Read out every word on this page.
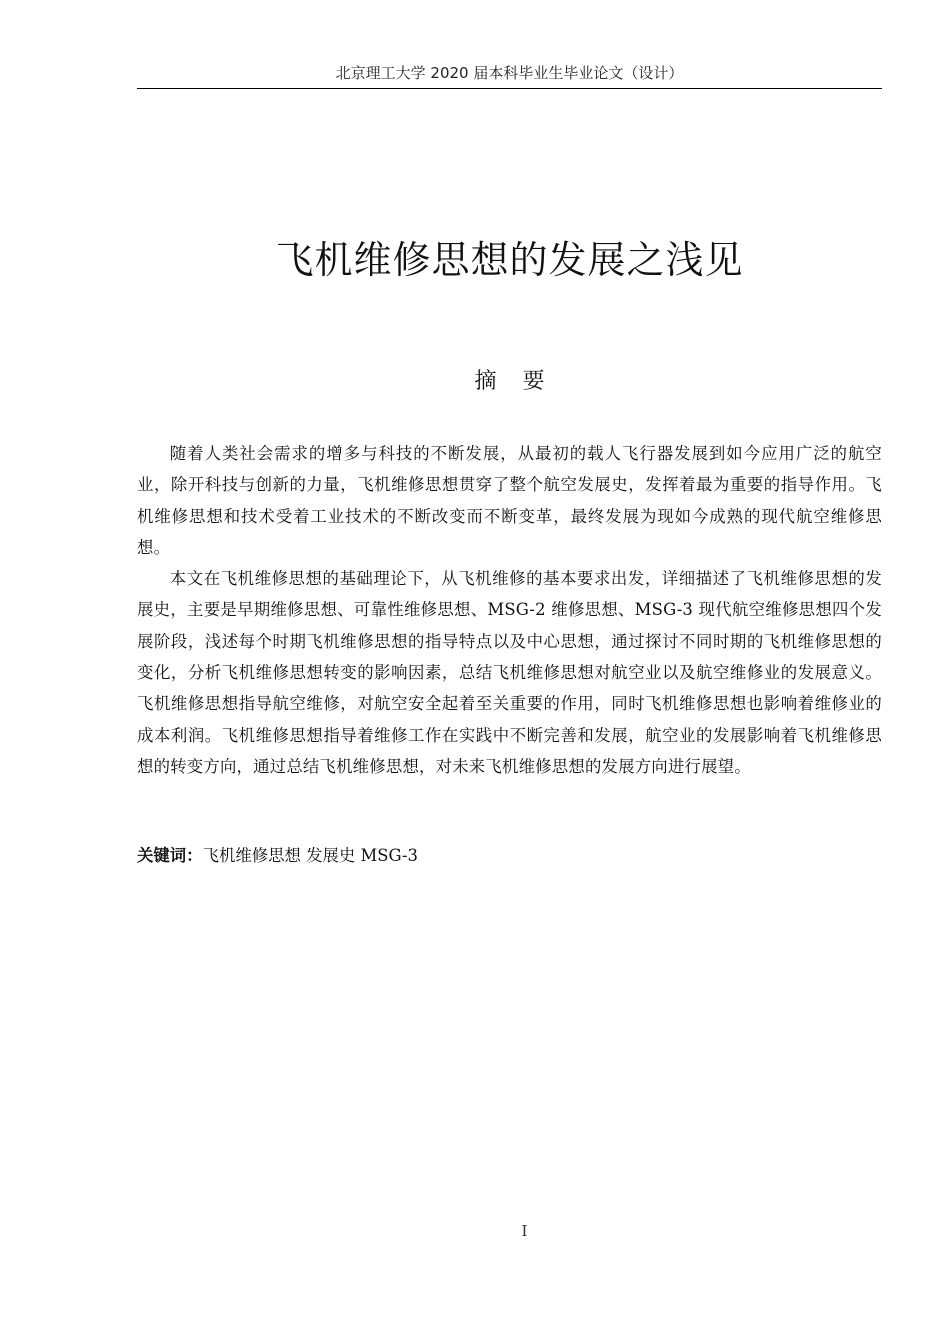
北京理工大学 2020 届本科毕业生毕业论文（设计）
飞机维修思想的发展之浅见
摘要

随着人类社会需求的增多与科技的不断发展，从最初的载人飞行器发展到如今应用广泛的航空业，除开科技与创新的力量，飞机维修思想贯穿了整个航空发展史，发挥着最为重要的指导作用。飞机维修思想和技术受着工业技术的不断改变而不断变革，最终发展为现如今成熟的现代航空维修思想。

本文在飞机维修思想的基础理论下，从飞机维修的基本要求出发，详细描述了飞机维修思想的发展史，主要是早期维修思想、可靠性维修思想、MSG-2 维修思想、MSG-3 现代航空维修思想四个发展阶段，浅述每个时期飞机维修思想的指导特点以及中心思想，通过探讨不同时期的飞机维修思想的变化，分析飞机维修思想转变的影响因素，总结飞机维修思想对航空业以及航空维修业的发展意义。飞机维修思想指导航空维修，对航空安全起着至关重要的作用，同时飞机维修思想也影响着维修业的成本利润。飞机维修思想指导着维修工作在实践中不断完善和发展，航空业的发展影响着飞机维修思想的转变方向，通过总结飞机维修思想，对未来飞机维修思想的发展方向进行展望。

关键词：飞机维修思想 发展史 MSG-3
I
